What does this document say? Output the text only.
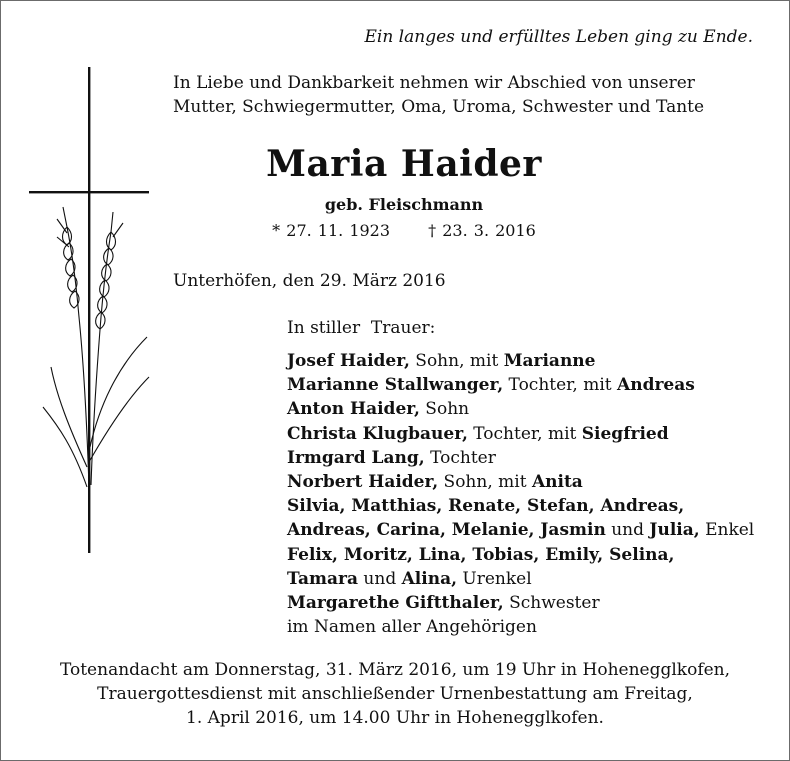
Ein langes und erfülltes Leben ging zu Ende.
In Liebe und Dankbarkeit nehmen wir Abschied von unserer
Mutter, Schwiegermutter, Oma, Uroma, Schwester und Tante
Maria Haider
geb. Fleischmann
* 27. 11. 1923 † 23. 3. 2016
Unterhöfen, den 29. März 2016
In stiller  Trauer:
Josef Haider, Sohn, mit Marianne
Marianne Stallwanger, Tochter, mit Andreas
Anton Haider, Sohn
Christa Klugbauer, Tochter, mit Siegfried
Irmgard Lang, Tochter
Norbert Haider, Sohn, mit Anita
Silvia, Matthias, Renate, Stefan, Andreas,
Andreas, Carina, Melanie, Jasmin und Julia, Enkel
Felix, Moritz, Lina, Tobias, Emily, Selina,
Tamara und Alina, Urenkel
Margarethe Giftthaler, Schwester
im Namen aller Angehörigen
Totenandacht am Donnerstag, 31. März 2016, um 19 Uhr in Hohenegglkofen,
Trauergottesdienst mit anschließender Urnenbestattung am Freitag,
1. April 2016, um 14.00 Uhr in Hohenegglkofen.
